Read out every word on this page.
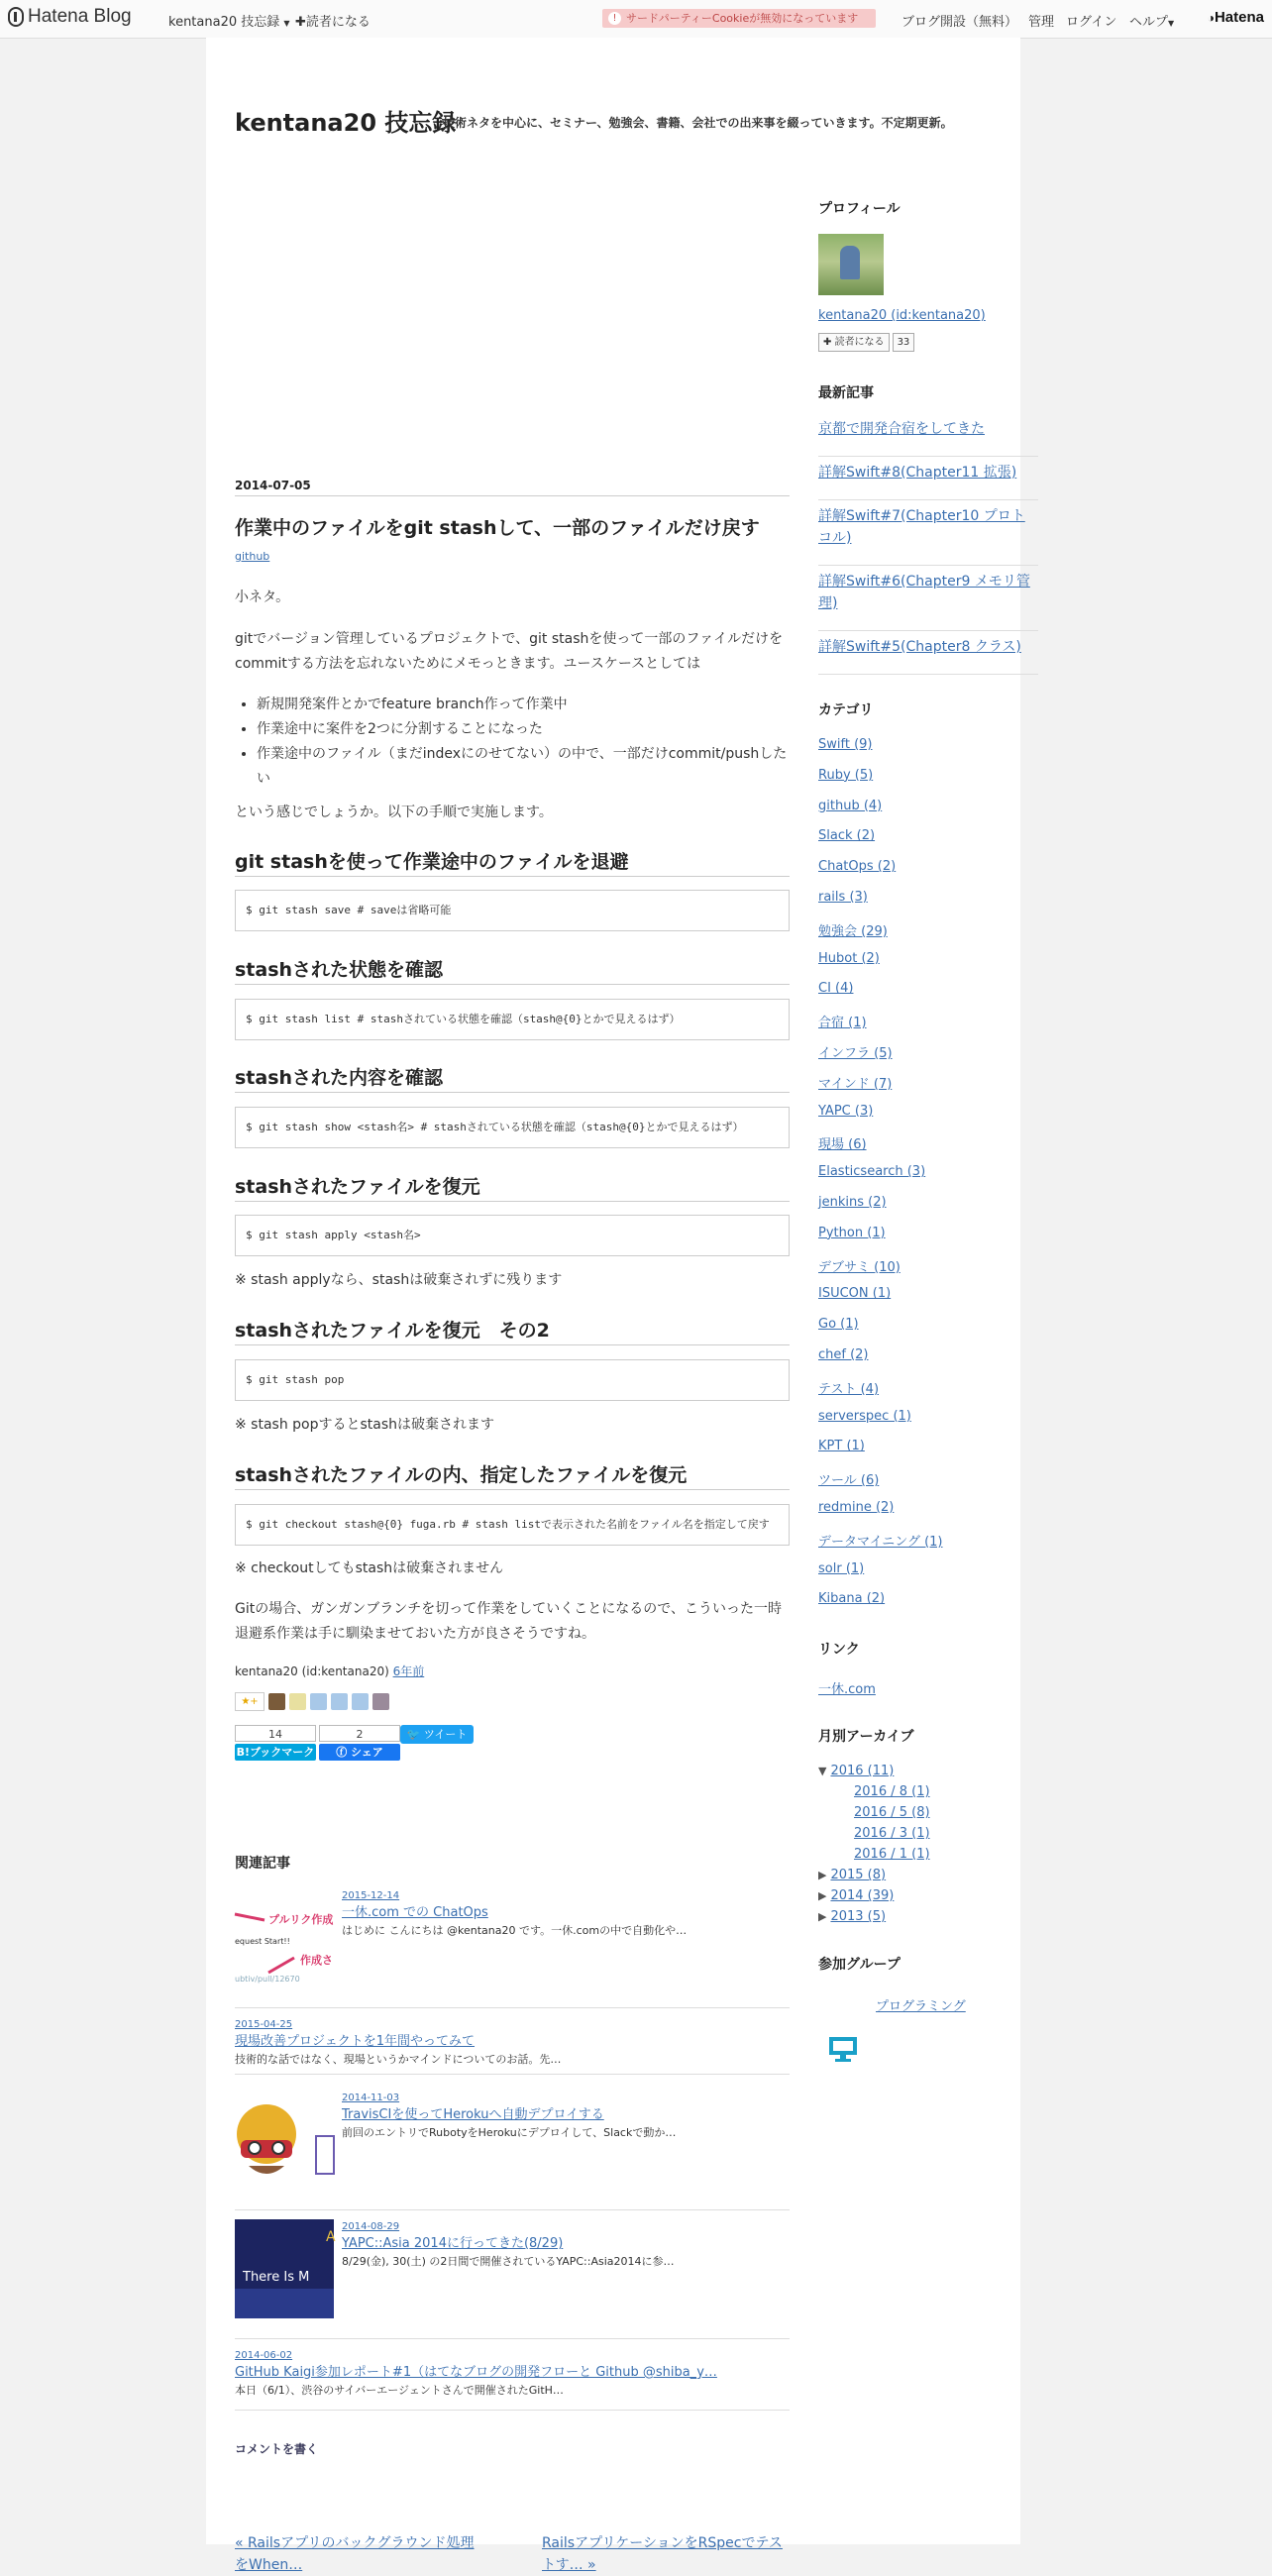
Hatena Blog	kentana20 技忘録 ▼ ✚読者になる	! サードパーティーCookieが無効になっています	ブログ開設（無料） 管理 ログイン ヘルプ▼	◑Hatena
kentana20 技忘録
技術ネタを中心に、セミナー、勉強会、書籍、会社での出来事を綴っていきます。不定期更新。
2014-07-05
作業中のファイルをgit stashして、一部のファイルだけ戻す
github
小ネタ。
gitでバージョン管理しているプロジェクトで、git stashを使って一部のファイルだけをcommitする方法を忘れないためにメモっときます。ユースケースとしては
• 新規開発案件とかでfeature branch作って作業中
• 作業途中に案件を2つに分割することになった
• 作業途中のファイル（まだindexにのせてない）の中で、一部だけcommit/pushしたい
という感じでしょうか。以下の手順で実施します。
git stashを使って作業途中のファイルを退避
$ git stash save # saveは省略可能
stashされた状態を確認
$ git stash list # stashされている状態を確認（stash@{0}とかで見えるはず）
stashされた内容を確認
$ git stash show <stash名> # stashされている状態を確認（stash@{0}とかで見えるはず）
stashされたファイルを復元
$ git stash apply <stash名>
※ stash applyなら、stashは破棄されずに残ります
stashされたファイルを復元　その2
$ git stash pop
※ stash popするとstashは破棄されます
stashされたファイルの内、指定したファイルを復元
$ git checkout stash@{0} fuga.rb # stash listで表示された名前をファイル名を指定して戻す
※ checkoutしてもstashは破棄されません
Gitの場合、ガンガンブランチを切って作業をしていくことになるので、こういった一時退避系作業は手に馴染ませておいた方が良さそうですね。
kentana20 (id:kentana20) 6年前
★+
14
B!ブックマーク
2
ⓕ シェア
🐦 ツイート
関連記事
プルリク作成
equest Start!!
作成さ
ubtiv/pull/12670
2015-12-14
一休.com での ChatOps
はじめに こんにちは @kentana20 です。一休.comの中で自動化や…
2015-04-25
現場改善プロジェクトを1年間やってみて
技術的な話ではなく、現場というかマインドについてのお話。先…
2014-11-03
TravisCIを使ってHerokuへ自動デプロイする
前回のエントリでRubotyをHerokuにデプロイして、Slackで動か…
A
There Is M
2014-08-29
YAPC::Asia 2014に行ってきた(8/29)
8/29(金), 30(土) の2日間で開催されているYAPC::Asia2014に参…
2014-06-02
GitHub Kaigi参加レポート#1（はてなブログの開発フローと Github @shiba_y…
本日（6/1）、渋谷のサイバーエージェントさんで開催されたGitH…
コメントを書く
« Railsアプリのバックグラウンド処理をWhen…
RailsアプリケーションをRSpecでテストす… »
プロフィール
kentana20 (id:kentana20)
✚ 読者になる	33
最新記事
京都で開発合宿をしてきた
詳解Swift#8(Chapter11 拡張)
詳解Swift#7(Chapter10 プロトコル)
詳解Swift#6(Chapter9 メモリ管理)
詳解Swift#5(Chapter8 クラス)
カテゴリ
Swift (9)
Ruby (5)
github (4)
Slack (2)
ChatOps (2)
rails (3)
勉強会 (29)
Hubot (2)
CI (4)
合宿 (1)
インフラ (5)
マインド (7)
YAPC (3)
現場 (6)
Elasticsearch (3)
jenkins (2)
Python (1)
デブサミ (10)
ISUCON (1)
Go (1)
chef (2)
テスト (4)
serverspec (1)
KPT (1)
ツール (6)
redmine (2)
データマイニング (1)
solr (1)
Kibana (2)
リンク
一休.com
月別アーカイブ
▼ 2016 (11)
2016 / 8 (1)
2016 / 5 (8)
2016 / 3 (1)
2016 / 1 (1)
▶ 2015 (8)
▶ 2014 (39)
▶ 2013 (5)
参加グループ
プログラミング
